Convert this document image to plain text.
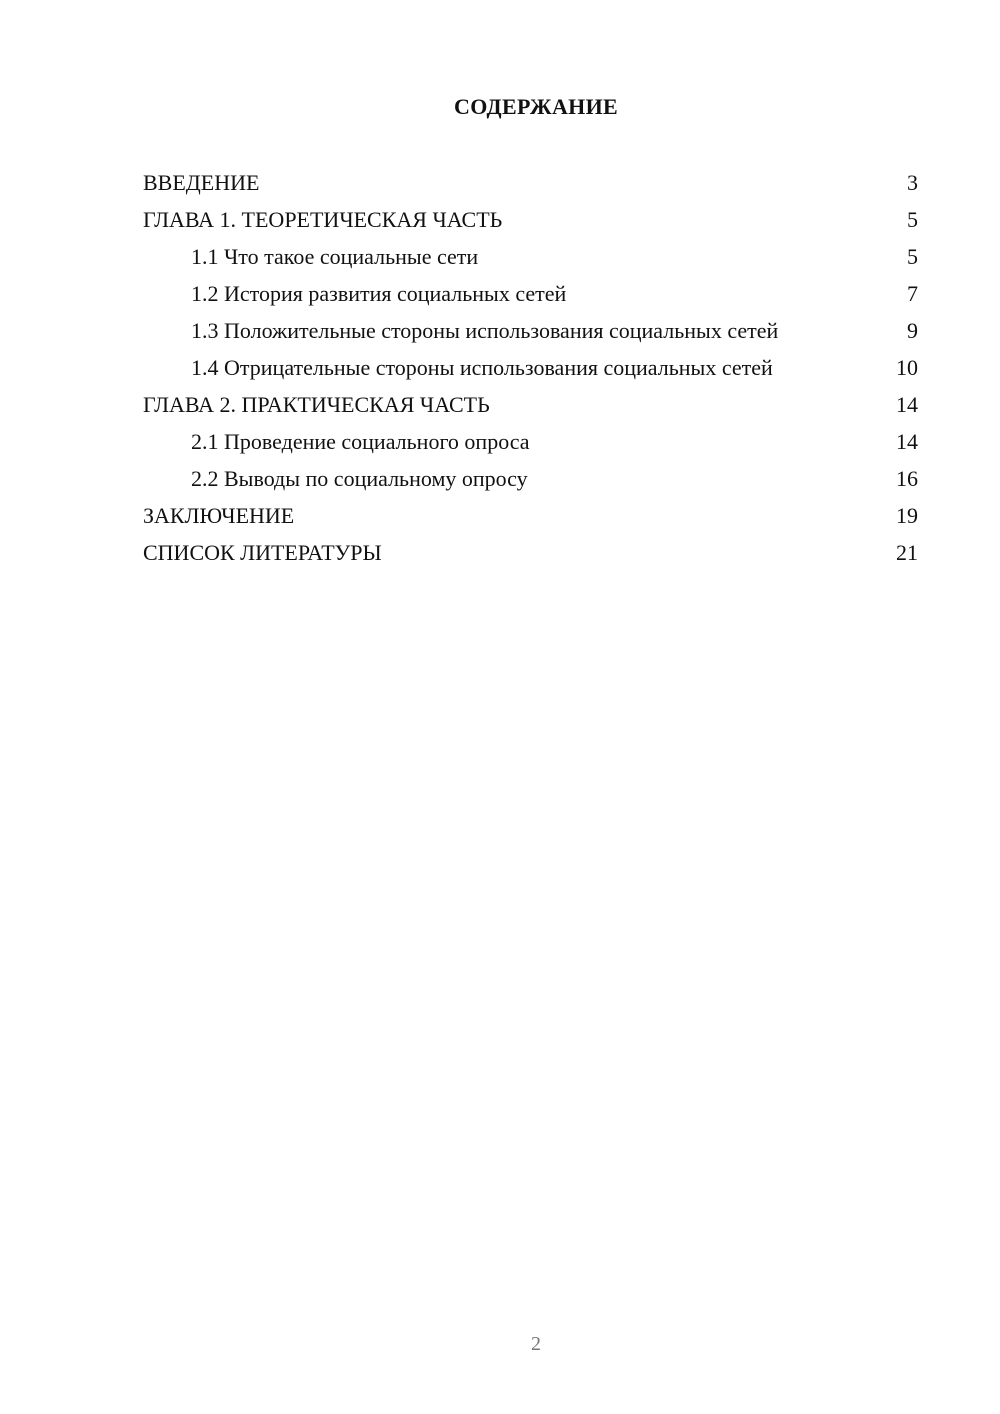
СОДЕРЖАНИЕ
ВВЕДЕНИЕ	3
ГЛАВА 1. ТЕОРЕТИЧЕСКАЯ ЧАСТЬ	5
1.1 Что такое социальные сети	5
1.2 История развития социальных сетей	7
1.3 Положительные стороны использования социальных сетей	9
1.4 Отрицательные стороны использования социальных сетей	10
ГЛАВА 2. ПРАКТИЧЕСКАЯ ЧАСТЬ	14
2.1 Проведение социального опроса	14
2.2 Выводы по социальному опросу	16
ЗАКЛЮЧЕНИЕ	19
СПИСОК ЛИТЕРАТУРЫ	21
2
